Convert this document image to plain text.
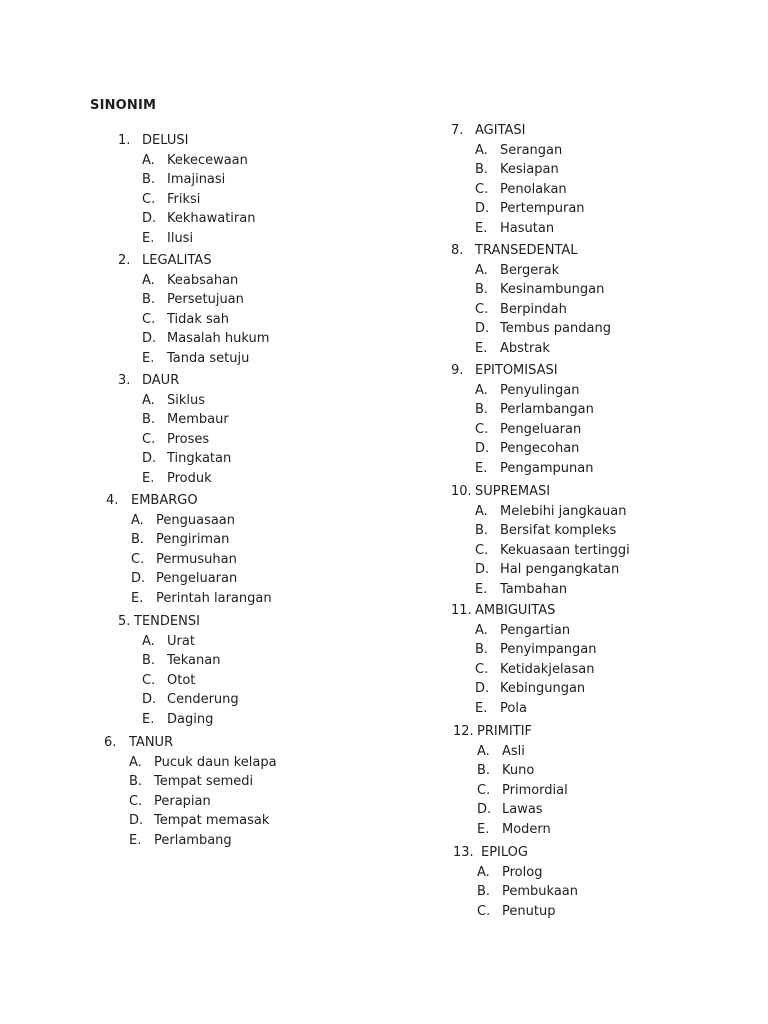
SINONIM
1. DELUSI
A. Kekecewaan
B. Imajinasi
C. Friksi
D. Kekhawatiran
E. Ilusi
2. LEGALITAS
A. Keabsahan
B. Persetujuan
C. Tidak sah
D. Masalah hukum
E. Tanda setuju
3. DAUR
A. Siklus
B. Membaur
C. Proses
D. Tingkatan
E. Produk
4. EMBARGO
A. Penguasaan
B. Pengiriman
C. Permusuhan
D. Pengeluaran
E. Perintah larangan
5. TENDENSI
A. Urat
B. Tekanan
C. Otot
D. Cenderung
E. Daging
6. TANUR
A. Pucuk daun kelapa
B. Tempat semedi
C. Perapian
D. Tempat memasak
E. Perlambang
7. AGITASI
A. Serangan
B. Kesiapan
C. Penolakan
D. Pertempuran
E. Hasutan
8. TRANSEDENTAL
A. Bergerak
B. Kesinambungan
C. Berpindah
D. Tembus pandang
E. Abstrak
9. EPITOMISASI
A. Penyulingan
B. Perlambangan
C. Pengeluaran
D. Pengecohan
E. Pengampunan
10. SUPREMASI
A. Melebihi jangkauan
B. Bersifat kompleks
C. Kekuasaan tertinggi
D. Hal pengangkatan
E. Tambahan
11. AMBIGUITAS
A. Pengartian
B. Penyimpangan
C. Ketidakjelasan
D. Kebingungan
E. Pola
12. PRIMITIF
A. Asli
B. Kuno
C. Primordial
D. Lawas
E. Modern
13. EPILOG
A. Prolog
B. Pembukaan
C. Penutup
